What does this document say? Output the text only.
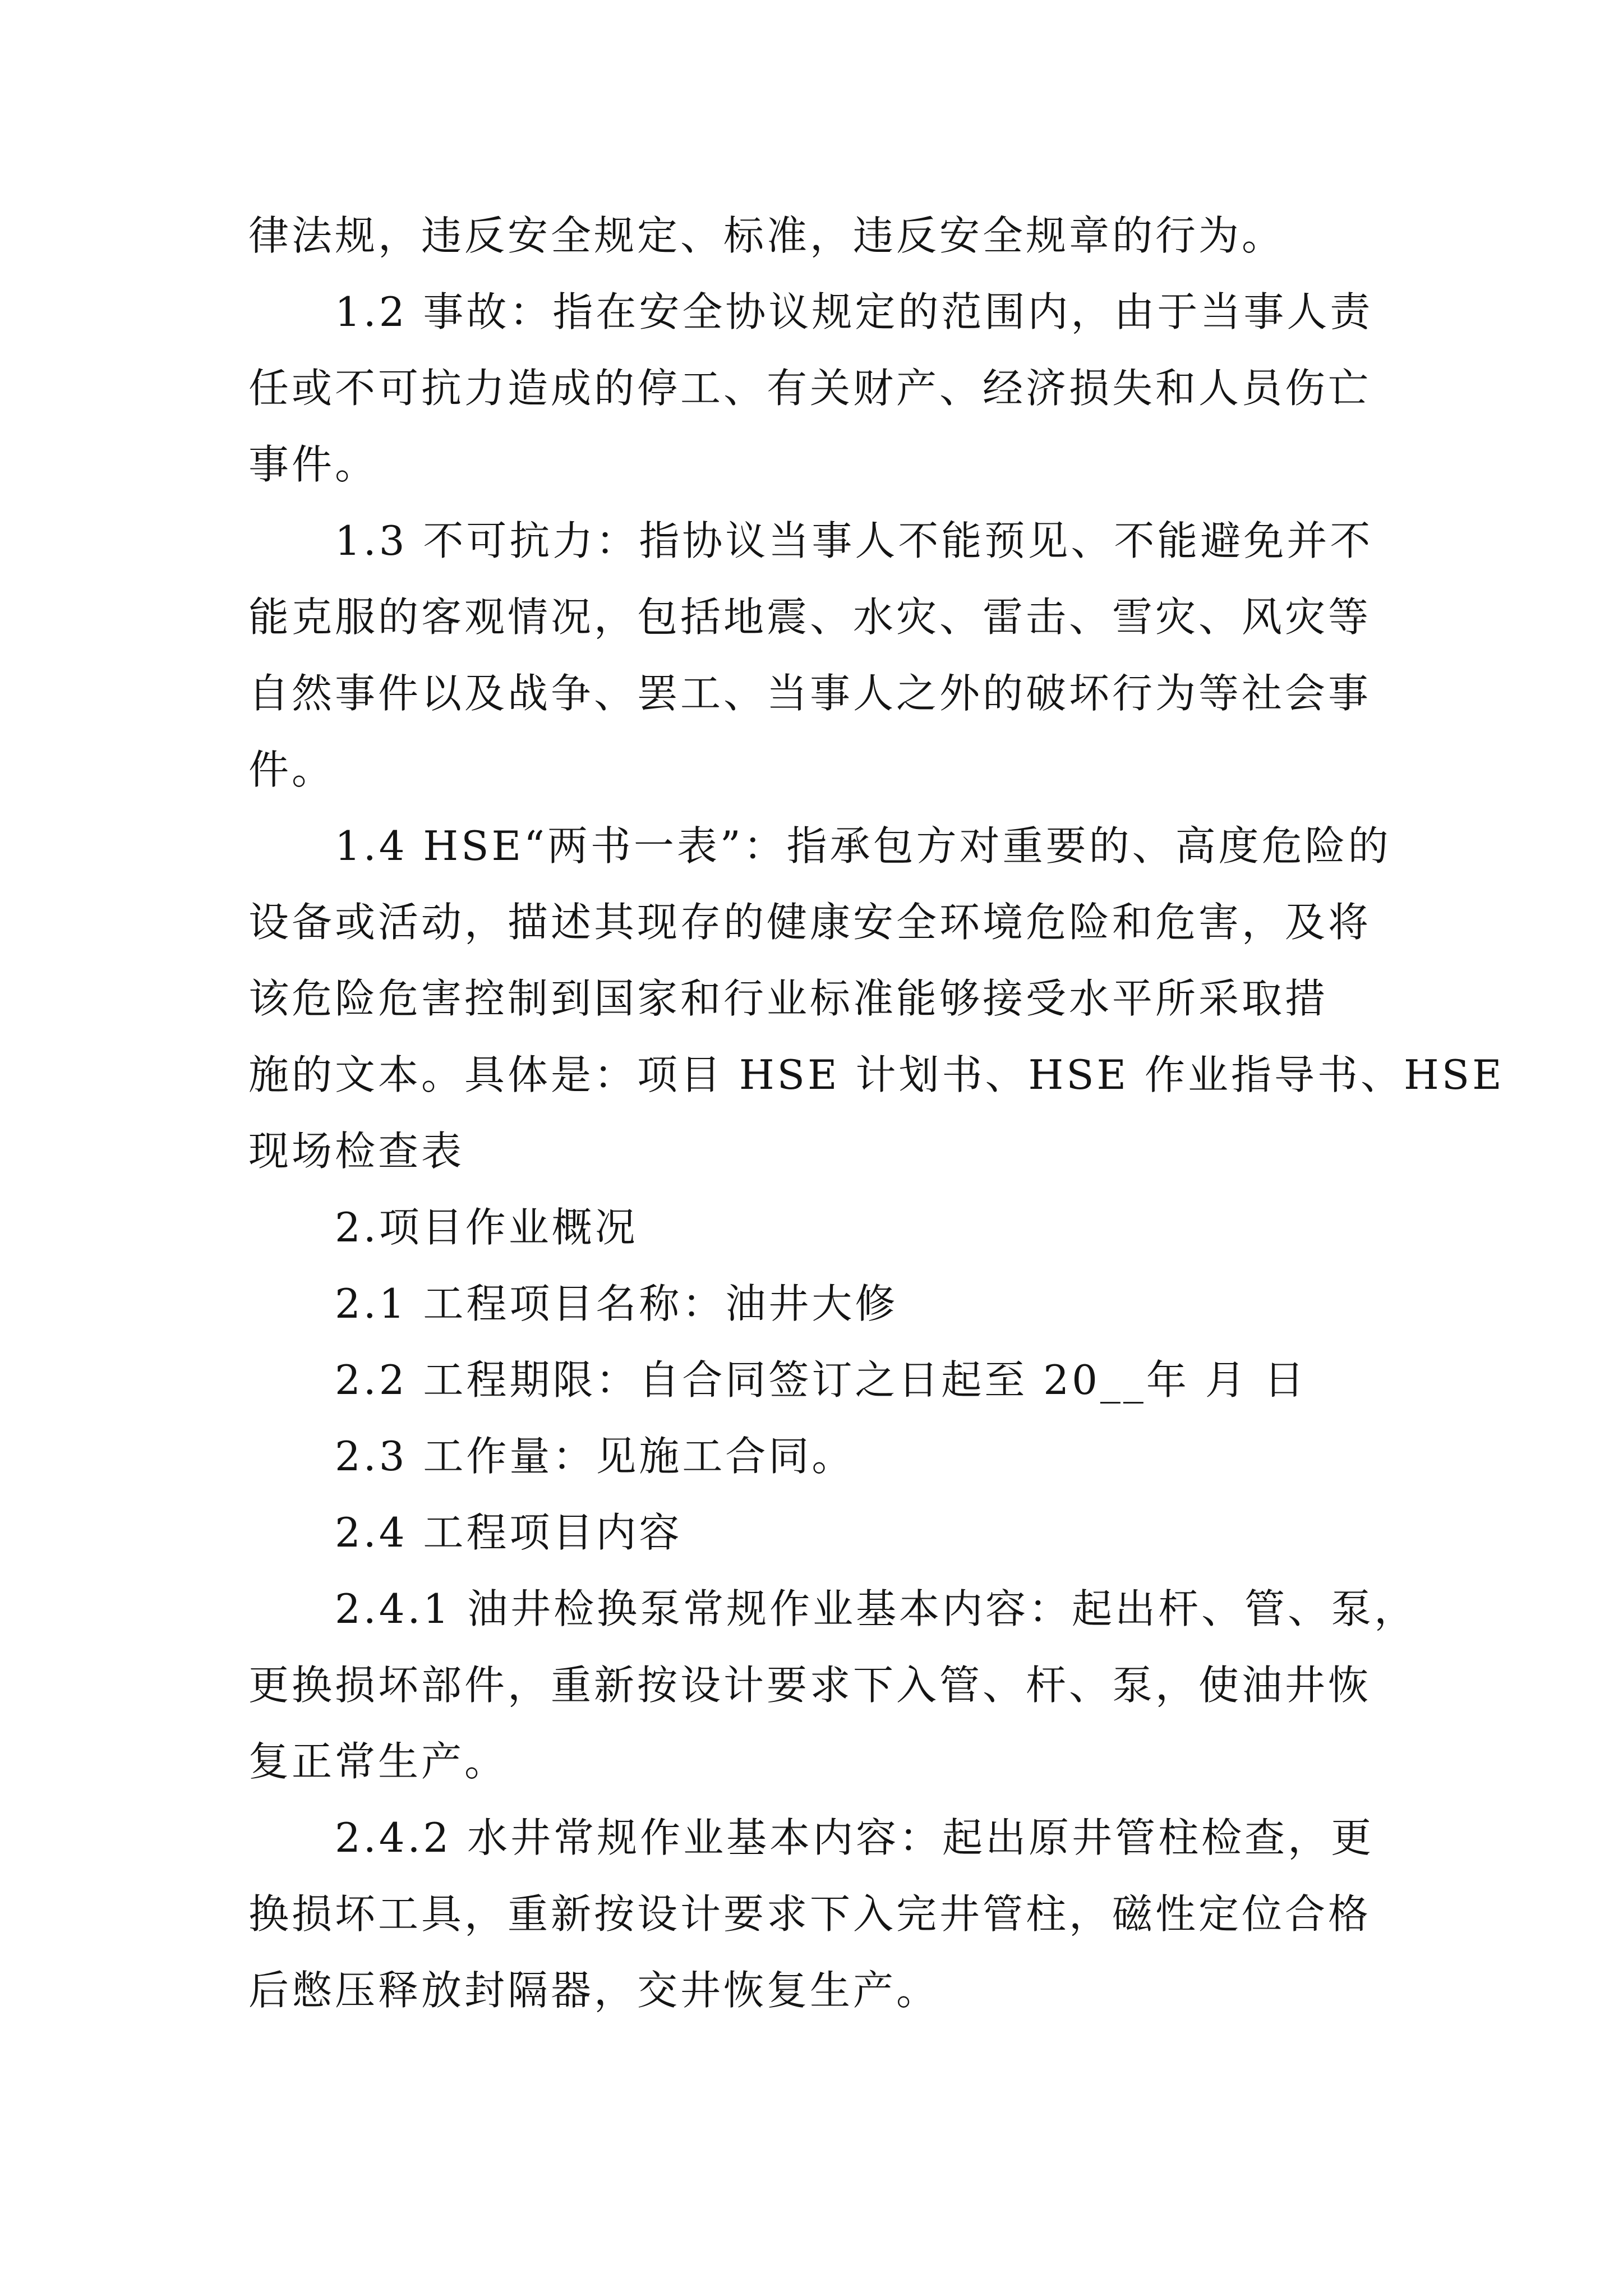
律法规，违反安全规定、标准，违反安全规章的行为。

　　1.2 事故：指在安全协议规定的范围内，由于当事人责

任或不可抗力造成的停工、有关财产、经济损失和人员伤亡

事件。

　　1.3 不可抗力：指协议当事人不能预见、不能避免并不

能克服的客观情况，包括地震、水灾、雷击、雪灾、风灾等

自然事件以及战争、罢工、当事人之外的破坏行为等社会事

件。

　　1.4 HSE“两书一表”：指承包方对重要的、高度危险的

设备或活动，描述其现存的健康安全环境危险和危害，及将

该危险危害控制到国家和行业标准能够接受水平所采取措

施的文本。具体是：项目 HSE 计划书、HSE 作业指导书、HSE

现场检查表

　　2.项目作业概况

　　2.1 工程项目名称：油井大修

　　2.2 工程期限：自合同签订之日起至 20__年 月 日

　　2.3 工作量：见施工合同。

　　2.4 工程项目内容

　　2.4.1 油井检换泵常规作业基本内容：起出杆、管、泵，

更换损坏部件，重新按设计要求下入管、杆、泵，使油井恢

复正常生产。

　　2.4.2 水井常规作业基本内容：起出原井管柱检查，更

换损坏工具，重新按设计要求下入完井管柱，磁性定位合格

后憋压释放封隔器，交井恢复生产。
